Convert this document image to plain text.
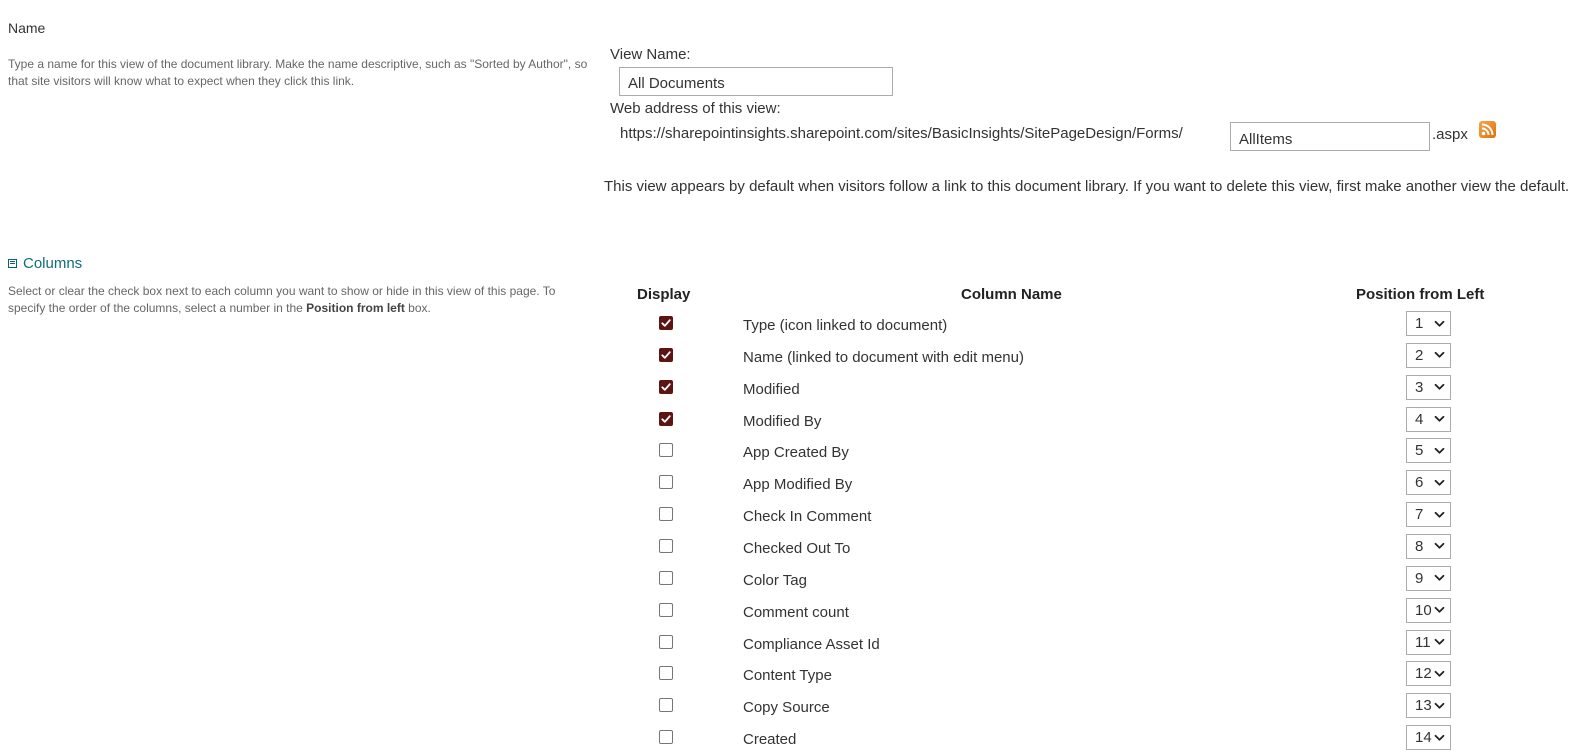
Name
Type a name for this view of the document library. Make the name descriptive, such as "Sorted by Author", so that site visitors will know what to expect when they click this link.
View Name:
All Documents
Web address of this view:
https://sharepointinsights.sharepoint.com/sites/BasicInsights/SitePageDesign/Forms/
AllItems	.aspx
This view appears by default when visitors follow a link to this document library. If you want to delete this view, first make another view the default.
Columns
Select or clear the check box next to each column you want to show or hide in this view of this page. To specify the order of the columns, select a number in the Position from left box.
Display	Column Name	Position from Left
Type (icon linked to document)	1
Name (linked to document with edit menu)	2
Modified	3
Modified By	4
App Created By	5
App Modified By	6
Check In Comment	7
Checked Out To	8
Color Tag	9
Comment count	10
Compliance Asset Id	11
Content Type	12
Copy Source	13
Created	14
